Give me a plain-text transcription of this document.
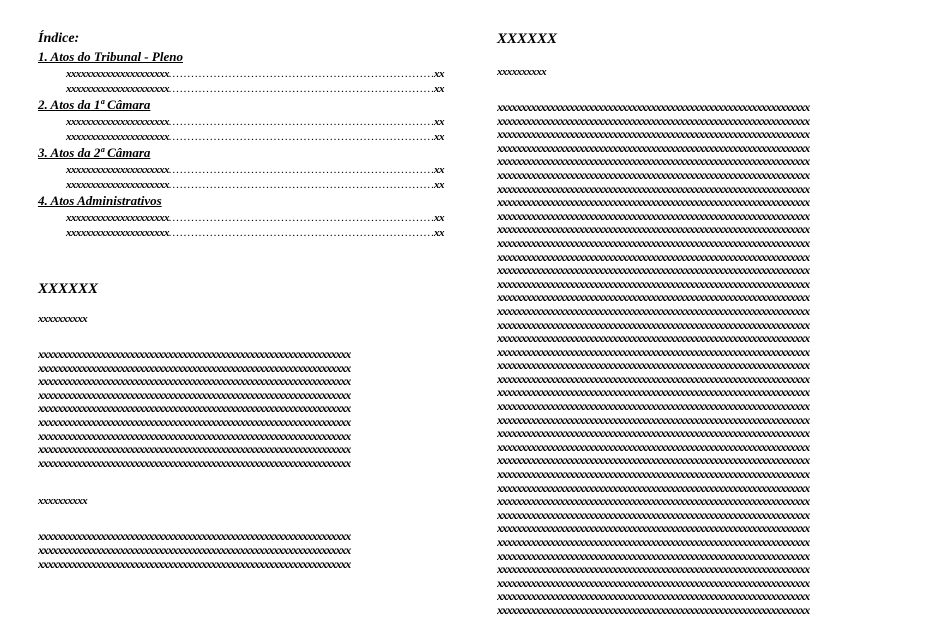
Índice:
1. Atos do Tribunal - Pleno
xxxxxxxxxxxxxxxxxxxxx .....	xx
xxxxxxxxxxxxxxxxxxxxx .....	xx
2. Atos da 1ª Câmara
xxxxxxxxxxxxxxxxxxxxx .....	xx
xxxxxxxxxxxxxxxxxxxxx .....	xx
3. Atos da 2ª Câmara
xxxxxxxxxxxxxxxxxxxxx .....	xx
xxxxxxxxxxxxxxxxxxxxx .....	xx
4. Atos Administrativos
xxxxxxxxxxxxxxxxxxxxx .....	xx
xxxxxxxxxxxxxxxxxxxxx .....	xx
XXXXXX
xxxxxxxxxx
xxxxxxxxxxxxxxxxxxxxxxxxxxxxxxxxxxxxxxxxxxxxxxxxxxxxxxxxxxxxxxxxx
xxxxxxxxxxxxxxxxxxxxxxxxxxxxxxxxxxxxxxxxxxxxxxxxxxxxxxxxxxxxxxxxx
xxxxxxxxxxxxxxxxxxxxxxxxxxxxxxxxxxxxxxxxxxxxxxxxxxxxxxxxxxxxxxxxx
xxxxxxxxxxxxxxxxxxxxxxxxxxxxxxxxxxxxxxxxxxxxxxxxxxxxxxxxxxxxxxxxx
xxxxxxxxxxxxxxxxxxxxxxxxxxxxxxxxxxxxxxxxxxxxxxxxxxxxxxxxxxxxxxxxx
xxxxxxxxxxxxxxxxxxxxxxxxxxxxxxxxxxxxxxxxxxxxxxxxxxxxxxxxxxxxxxxxx
xxxxxxxxxxxxxxxxxxxxxxxxxxxxxxxxxxxxxxxxxxxxxxxxxxxxxxxxxxxxxxxxx
xxxxxxxxxxxxxxxxxxxxxxxxxxxxxxxxxxxxxxxxxxxxxxxxxxxxxxxxxxxxxxxxx
xxxxxxxxxxxxxxxxxxxxxxxxxxxxxxxxxxxxxxxxxxxxxxxxxxxxxxxxxxxxxxxxx
xxxxxxxxxx
xxxxxxxxxxxxxxxxxxxxxxxxxxxxxxxxxxxxxxxxxxxxxxxxxxxxxxxxxxxxxxxxx
xxxxxxxxxxxxxxxxxxxxxxxxxxxxxxxxxxxxxxxxxxxxxxxxxxxxxxxxxxxxxxxxx
xxxxxxxxxxxxxxxxxxxxxxxxxxxxxxxxxxxxxxxxxxxxxxxxxxxxxxxxxxxxxxxxx
XXXXXX
xxxxxxxxxx
xxxxxxxxxxxxxxxxxxxxxxxxxxxxxxxxxxxxxxxxxxxxxxxxxxxxxxxxxxxxxxxxx
xxxxxxxxxxxxxxxxxxxxxxxxxxxxxxxxxxxxxxxxxxxxxxxxxxxxxxxxxxxxxxxxx
xxxxxxxxxxxxxxxxxxxxxxxxxxxxxxxxxxxxxxxxxxxxxxxxxxxxxxxxxxxxxxxxx
xxxxxxxxxxxxxxxxxxxxxxxxxxxxxxxxxxxxxxxxxxxxxxxxxxxxxxxxxxxxxxxxx
xxxxxxxxxxxxxxxxxxxxxxxxxxxxxxxxxxxxxxxxxxxxxxxxxxxxxxxxxxxxxxxxx
xxxxxxxxxxxxxxxxxxxxxxxxxxxxxxxxxxxxxxxxxxxxxxxxxxxxxxxxxxxxxxxxx
xxxxxxxxxxxxxxxxxxxxxxxxxxxxxxxxxxxxxxxxxxxxxxxxxxxxxxxxxxxxxxxxx
xxxxxxxxxxxxxxxxxxxxxxxxxxxxxxxxxxxxxxxxxxxxxxxxxxxxxxxxxxxxxxxxx
xxxxxxxxxxxxxxxxxxxxxxxxxxxxxxxxxxxxxxxxxxxxxxxxxxxxxxxxxxxxxxxxx
xxxxxxxxxxxxxxxxxxxxxxxxxxxxxxxxxxxxxxxxxxxxxxxxxxxxxxxxxxxxxxxxx
xxxxxxxxxxxxxxxxxxxxxxxxxxxxxxxxxxxxxxxxxxxxxxxxxxxxxxxxxxxxxxxxx
xxxxxxxxxxxxxxxxxxxxxxxxxxxxxxxxxxxxxxxxxxxxxxxxxxxxxxxxxxxxxxxxx
xxxxxxxxxxxxxxxxxxxxxxxxxxxxxxxxxxxxxxxxxxxxxxxxxxxxxxxxxxxxxxxxx
xxxxxxxxxxxxxxxxxxxxxxxxxxxxxxxxxxxxxxxxxxxxxxxxxxxxxxxxxxxxxxxxx
xxxxxxxxxxxxxxxxxxxxxxxxxxxxxxxxxxxxxxxxxxxxxxxxxxxxxxxxxxxxxxxxx
xxxxxxxxxxxxxxxxxxxxxxxxxxxxxxxxxxxxxxxxxxxxxxxxxxxxxxxxxxxxxxxxx
xxxxxxxxxxxxxxxxxxxxxxxxxxxxxxxxxxxxxxxxxxxxxxxxxxxxxxxxxxxxxxxxx
xxxxxxxxxxxxxxxxxxxxxxxxxxxxxxxxxxxxxxxxxxxxxxxxxxxxxxxxxxxxxxxxx
xxxxxxxxxxxxxxxxxxxxxxxxxxxxxxxxxxxxxxxxxxxxxxxxxxxxxxxxxxxxxxxxx
xxxxxxxxxxxxxxxxxxxxxxxxxxxxxxxxxxxxxxxxxxxxxxxxxxxxxxxxxxxxxxxxx
xxxxxxxxxxxxxxxxxxxxxxxxxxxxxxxxxxxxxxxxxxxxxxxxxxxxxxxxxxxxxxxxx
xxxxxxxxxxxxxxxxxxxxxxxxxxxxxxxxxxxxxxxxxxxxxxxxxxxxxxxxxxxxxxxxx
xxxxxxxxxxxxxxxxxxxxxxxxxxxxxxxxxxxxxxxxxxxxxxxxxxxxxxxxxxxxxxxxx
xxxxxxxxxxxxxxxxxxxxxxxxxxxxxxxxxxxxxxxxxxxxxxxxxxxxxxxxxxxxxxxxx
xxxxxxxxxxxxxxxxxxxxxxxxxxxxxxxxxxxxxxxxxxxxxxxxxxxxxxxxxxxxxxxxx
xxxxxxxxxxxxxxxxxxxxxxxxxxxxxxxxxxxxxxxxxxxxxxxxxxxxxxxxxxxxxxxxx
xxxxxxxxxxxxxxxxxxxxxxxxxxxxxxxxxxxxxxxxxxxxxxxxxxxxxxxxxxxxxxxxx
xxxxxxxxxxxxxxxxxxxxxxxxxxxxxxxxxxxxxxxxxxxxxxxxxxxxxxxxxxxxxxxxx
xxxxxxxxxxxxxxxxxxxxxxxxxxxxxxxxxxxxxxxxxxxxxxxxxxxxxxxxxxxxxxxxx
xxxxxxxxxxxxxxxxxxxxxxxxxxxxxxxxxxxxxxxxxxxxxxxxxxxxxxxxxxxxxxxxx
xxxxxxxxxxxxxxxxxxxxxxxxxxxxxxxxxxxxxxxxxxxxxxxxxxxxxxxxxxxxxxxxx
xxxxxxxxxxxxxxxxxxxxxxxxxxxxxxxxxxxxxxxxxxxxxxxxxxxxxxxxxxxxxxxxx
xxxxxxxxxxxxxxxxxxxxxxxxxxxxxxxxxxxxxxxxxxxxxxxxxxxxxxxxxxxxxxxxx
xxxxxxxxxxxxxxxxxxxxxxxxxxxxxxxxxxxxxxxxxxxxxxxxxxxxxxxxxxxxxxxxx
xxxxxxxxxxxxxxxxxxxxxxxxxxxxxxxxxxxxxxxxxxxxxxxxxxxxxxxxxxxxxxxxx
xxxxxxxxxxxxxxxxxxxxxxxxxxxxxxxxxxxxxxxxxxxxxxxxxxxxxxxxxxxxxxxxx
xxxxxxxxxxxxxxxxxxxxxxxxxxxxxxxxxxxxxxxxxxxxxxxxxxxxxxxxxxxxxxxxx
xxxxxxxxxxxxxxxxxxxxxxxxxxxxxxxxxxxxxxxxxxxxxxxxxxxxxxxxxxxxxxxxx
